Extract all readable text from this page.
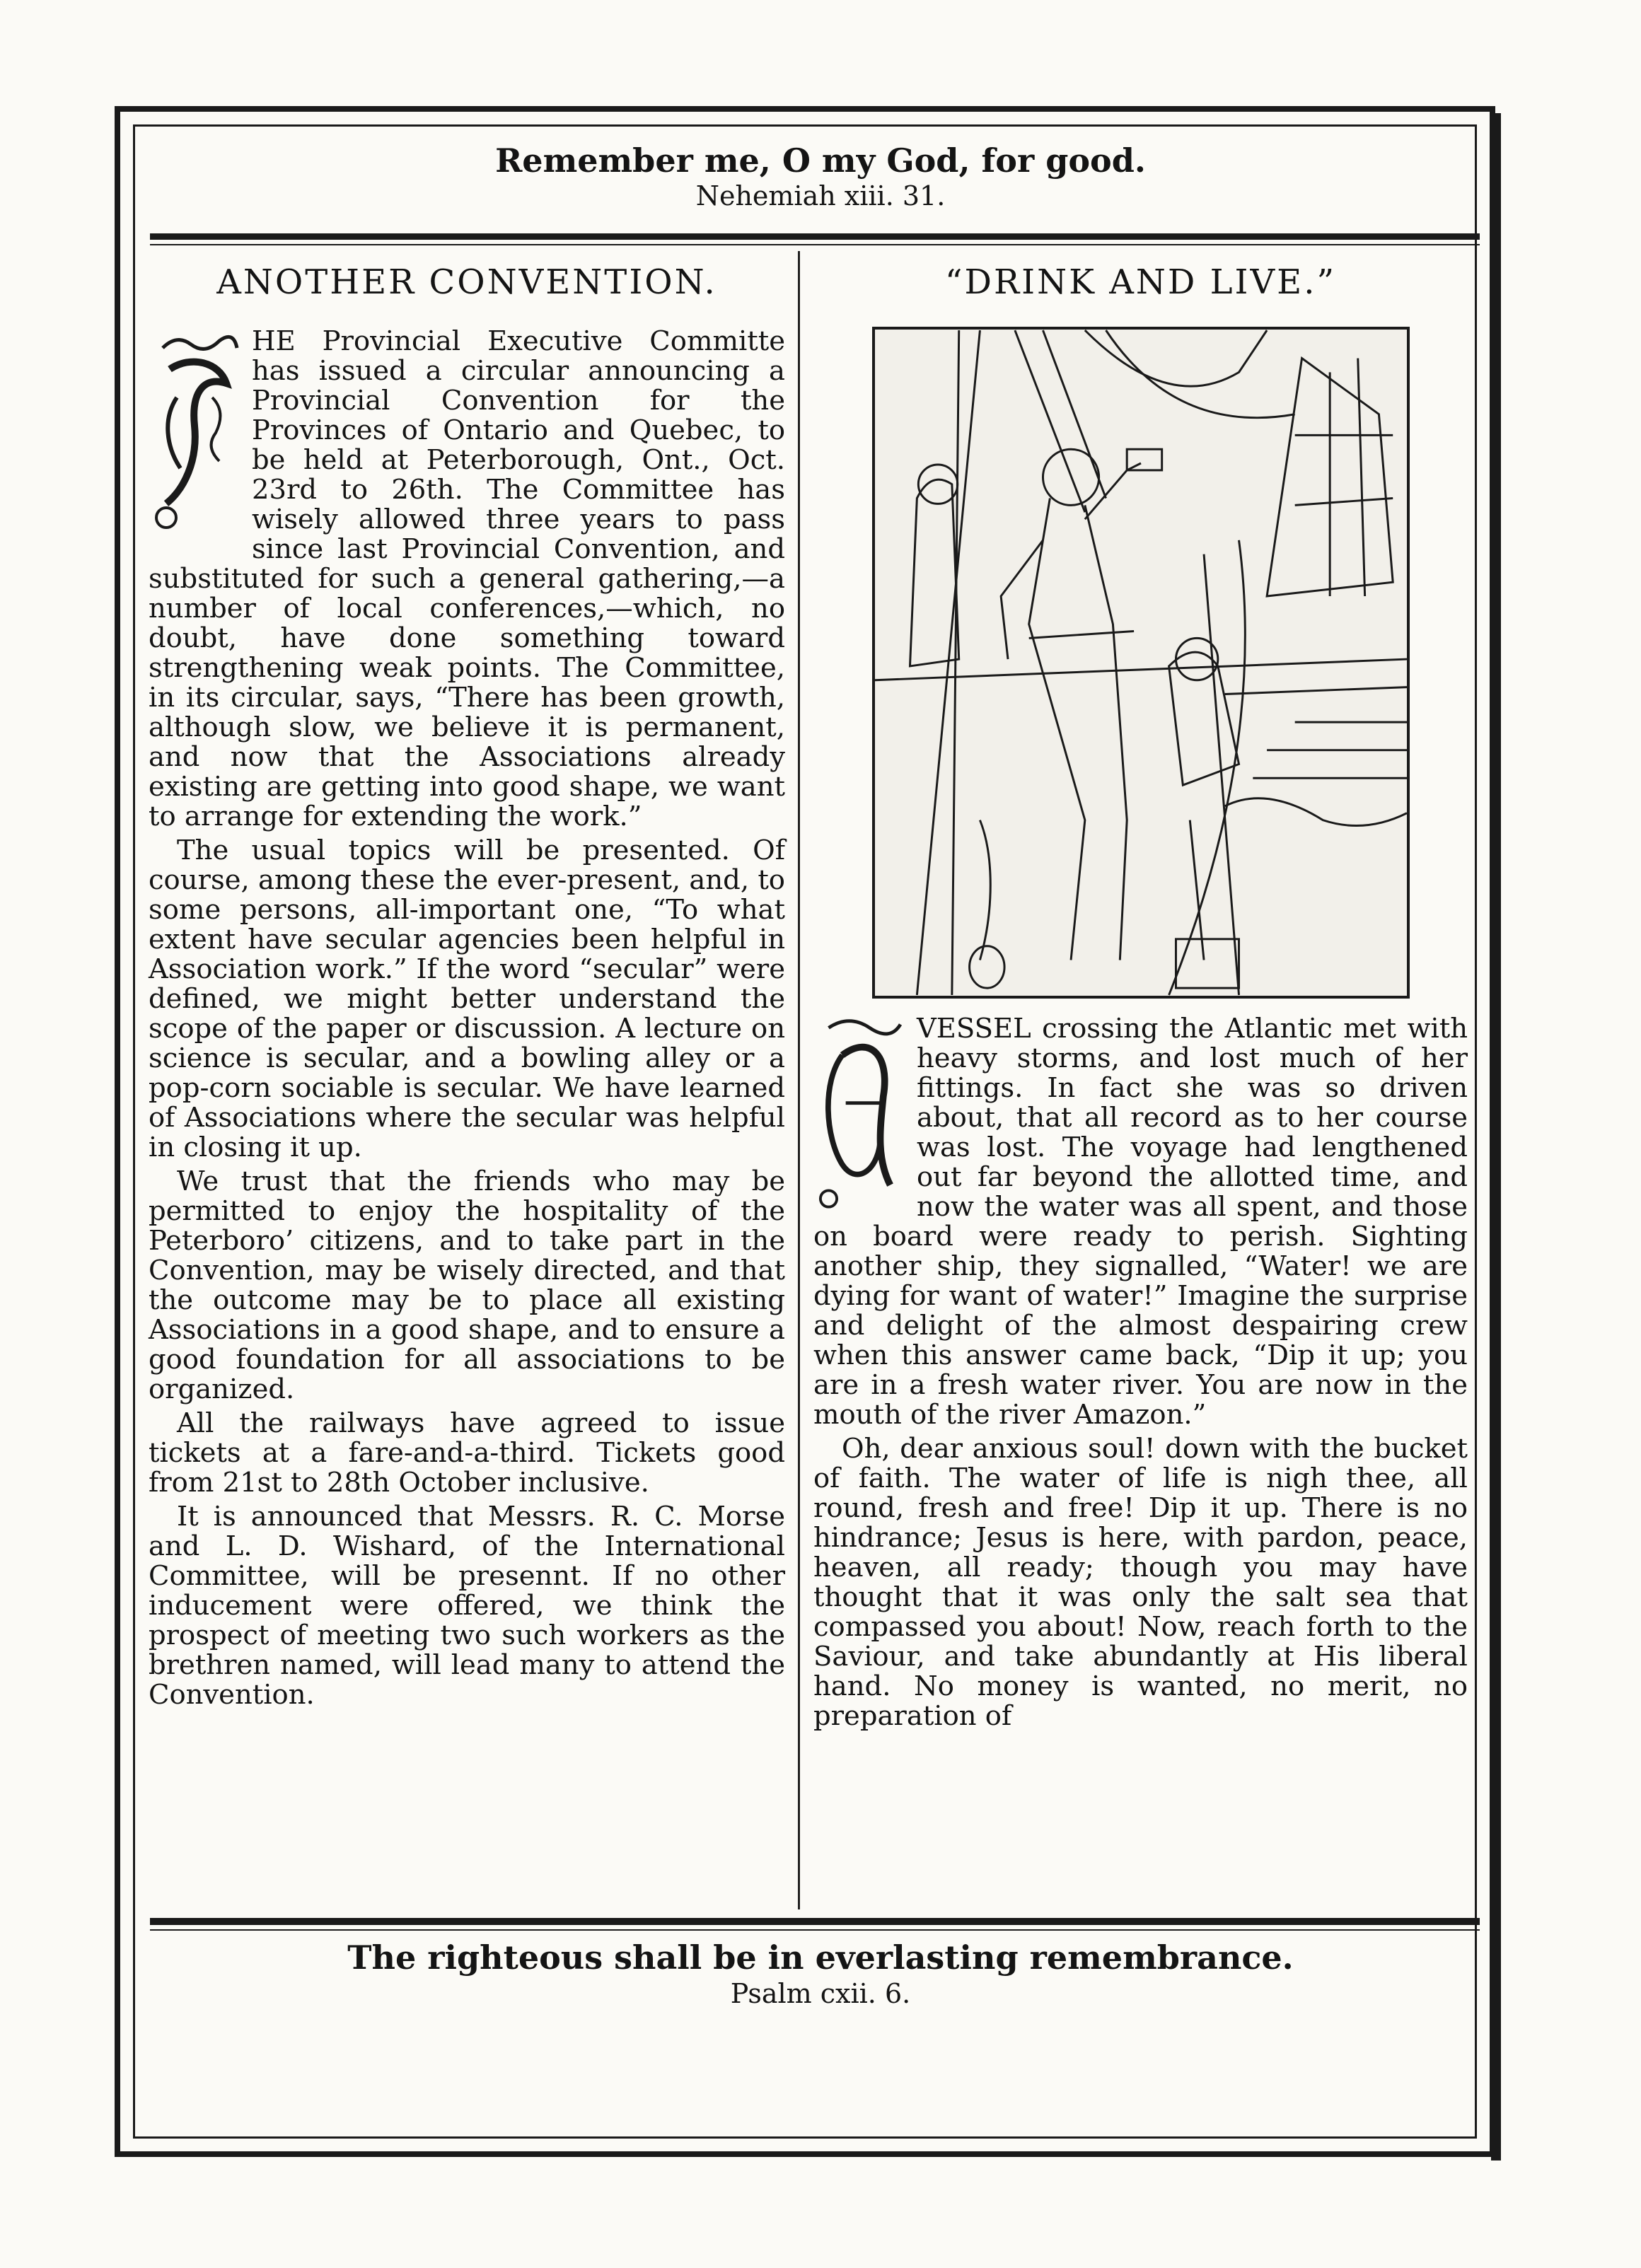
Remember me, O my God, for good.
Nehemiah xiii. 31.
ANOTHER CONVENTION.

HE Provincial Executive Committe has issued a circular announcing a Provincial Convention for the Provinces of Ontario and Quebec, to be held at Peterborough, Ont., Oct. 23rd to 26th. The Committee has wisely allowed three years to pass since last Provincial Convention, and substituted for such a general gathering,—a number of local conferences,—which, no doubt, have done something toward strengthening weak points. The Committee, in its circular, says, “There has been growth, although slow, we believe it is permanent, and now that the Associations already existing are getting into good shape, we want to arrange for extending the work.”

The usual topics will be presented. Of course, among these the ever-present, and, to some persons, all-important one, “To what extent have secular agencies been helpful in Association work.” If the word “secular” were defined, we might better understand the scope of the paper or discussion. A lecture on science is secular, and a bowling alley or a pop-corn sociable is secular. We have learned of Associations where the secular was helpful in closing it up.

We trust that the friends who may be permitted to enjoy the hospitality of the Peterboro’ citizens, and to take part in the Convention, may be wisely directed, and that the outcome may be to place all existing Associations in a good shape, and to ensure a good foundation for all associations to be organized.

All the railways have agreed to issue tickets at a fare-and-a-third. Tickets good from 21st to 28th October inclusive.

It is announced that Messrs. R. C. Morse and L. D. Wishard, of the International Committee, will be presennt. If no other inducement were offered, we think the prospect of meeting two such workers as the brethren named, will lead many to attend the Convention.

“DRINK AND LIVE.”

VESSEL crossing the Atlantic met with heavy storms, and lost much of her fittings. In fact she was so driven about, that all record as to her course was lost. The voyage had lengthened out far beyond the allotted time, and now the water was all spent, and those on board were ready to perish. Sighting another ship, they signalled, “Water! we are dying for want of water!” Imagine the surprise and delight of the almost despairing crew when this answer came back, “Dip it up; you are in a fresh water river. You are now in the mouth of the river Amazon.”

Oh, dear anxious soul! down with the bucket of faith. The water of life is nigh thee, all round, fresh and free! Dip it up. There is no hindrance; Jesus is here, with pardon, peace, heaven, all ready; though you may have thought that it was only the salt sea that compassed you about! Now, reach forth to the Saviour, and take abundantly at His liberal hand. No money is wanted, no merit, no preparation of

The righteous shall be in everlasting remembrance.
Psalm cxii. 6.
